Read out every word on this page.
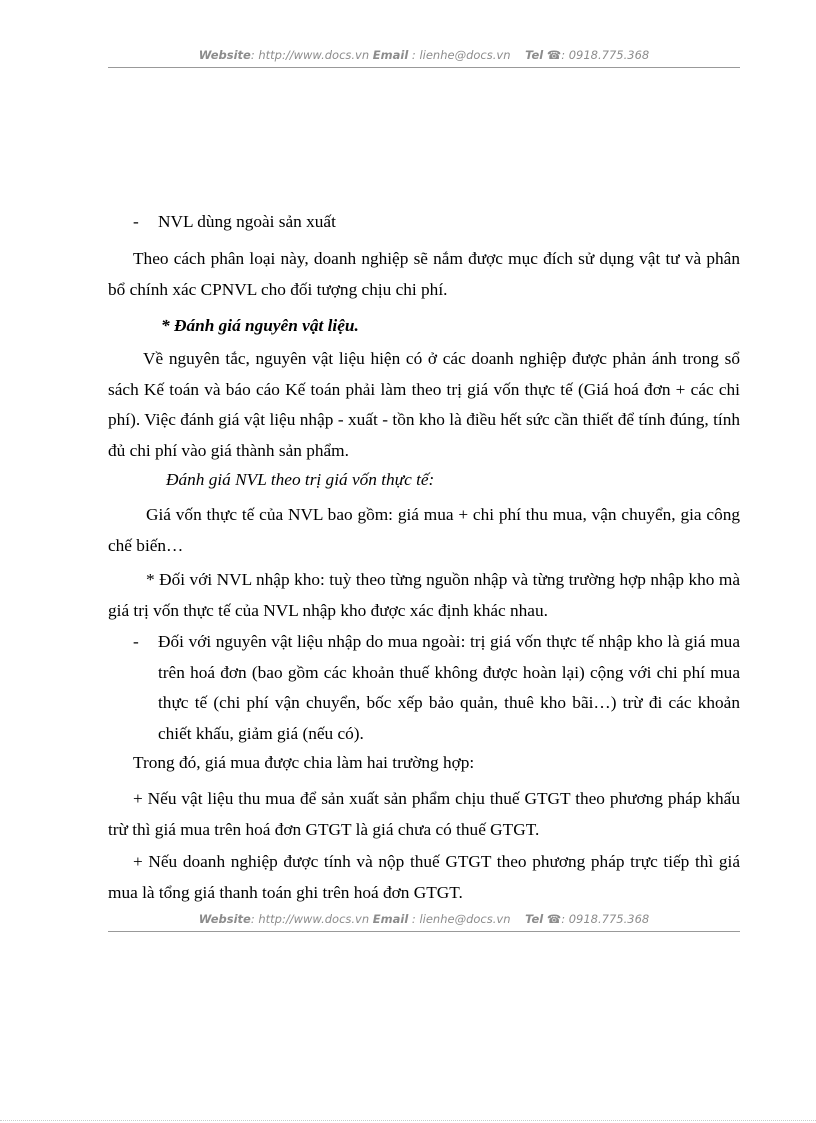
Website: http://www.docs.vn Email : lienhe@docs.vn Tel ☎: 0918.775.368
- NVL dùng ngoài sản xuất

Theo cách phân loại này, doanh nghiệp sẽ nắm được mục đích sử dụng vật tư và phân bổ chính xác CPNVL cho đối tượng chịu chi phí.

* Đánh giá nguyên vật liệu.

Về nguyên tắc, nguyên vật liệu hiện có ở các doanh nghiệp được phản ánh trong sổ sách Kế toán và báo cáo Kế toán phải làm theo trị giá vốn thực tế (Giá hoá đơn + các chi phí). Việc đánh giá vật liệu nhập - xuất - tồn kho là điều hết sức cần thiết để tính đúng, tính đủ chi phí vào giá thành sản phẩm.

Đánh giá NVL theo trị giá vốn thực tế:

Giá vốn thực tế của NVL bao gồm: giá mua + chi phí thu mua, vận chuyển, gia công chế biến…

* Đối với NVL nhập kho: tuỳ theo từng nguồn nhập và từng trường hợp nhập kho mà giá trị vốn thực tế của NVL nhập kho được xác định khác nhau.

- Đối với nguyên vật liệu nhập do mua ngoài: trị giá vốn thực tế nhập kho là giá mua trên hoá đơn (bao gồm các khoản thuế không được hoàn lại) cộng với chi phí mua thực tế (chi phí vận chuyển, bốc xếp bảo quản, thuê kho bãi…) trừ đi các khoản chiết khấu, giảm giá (nếu có).

Trong đó, giá mua được chia làm hai trường hợp:

+ Nếu vật liệu thu mua để sản xuất sản phẩm chịu thuế GTGT theo phương pháp khấu trừ thì giá mua trên hoá đơn GTGT là giá chưa có thuế GTGT.

+ Nếu doanh nghiệp được tính và nộp thuế GTGT theo phương pháp trực tiếp thì giá mua là tổng giá thanh toán ghi trên hoá đơn GTGT.

Website: http://www.docs.vn Email : lienhe@docs.vn Tel ☎: 0918.775.368
